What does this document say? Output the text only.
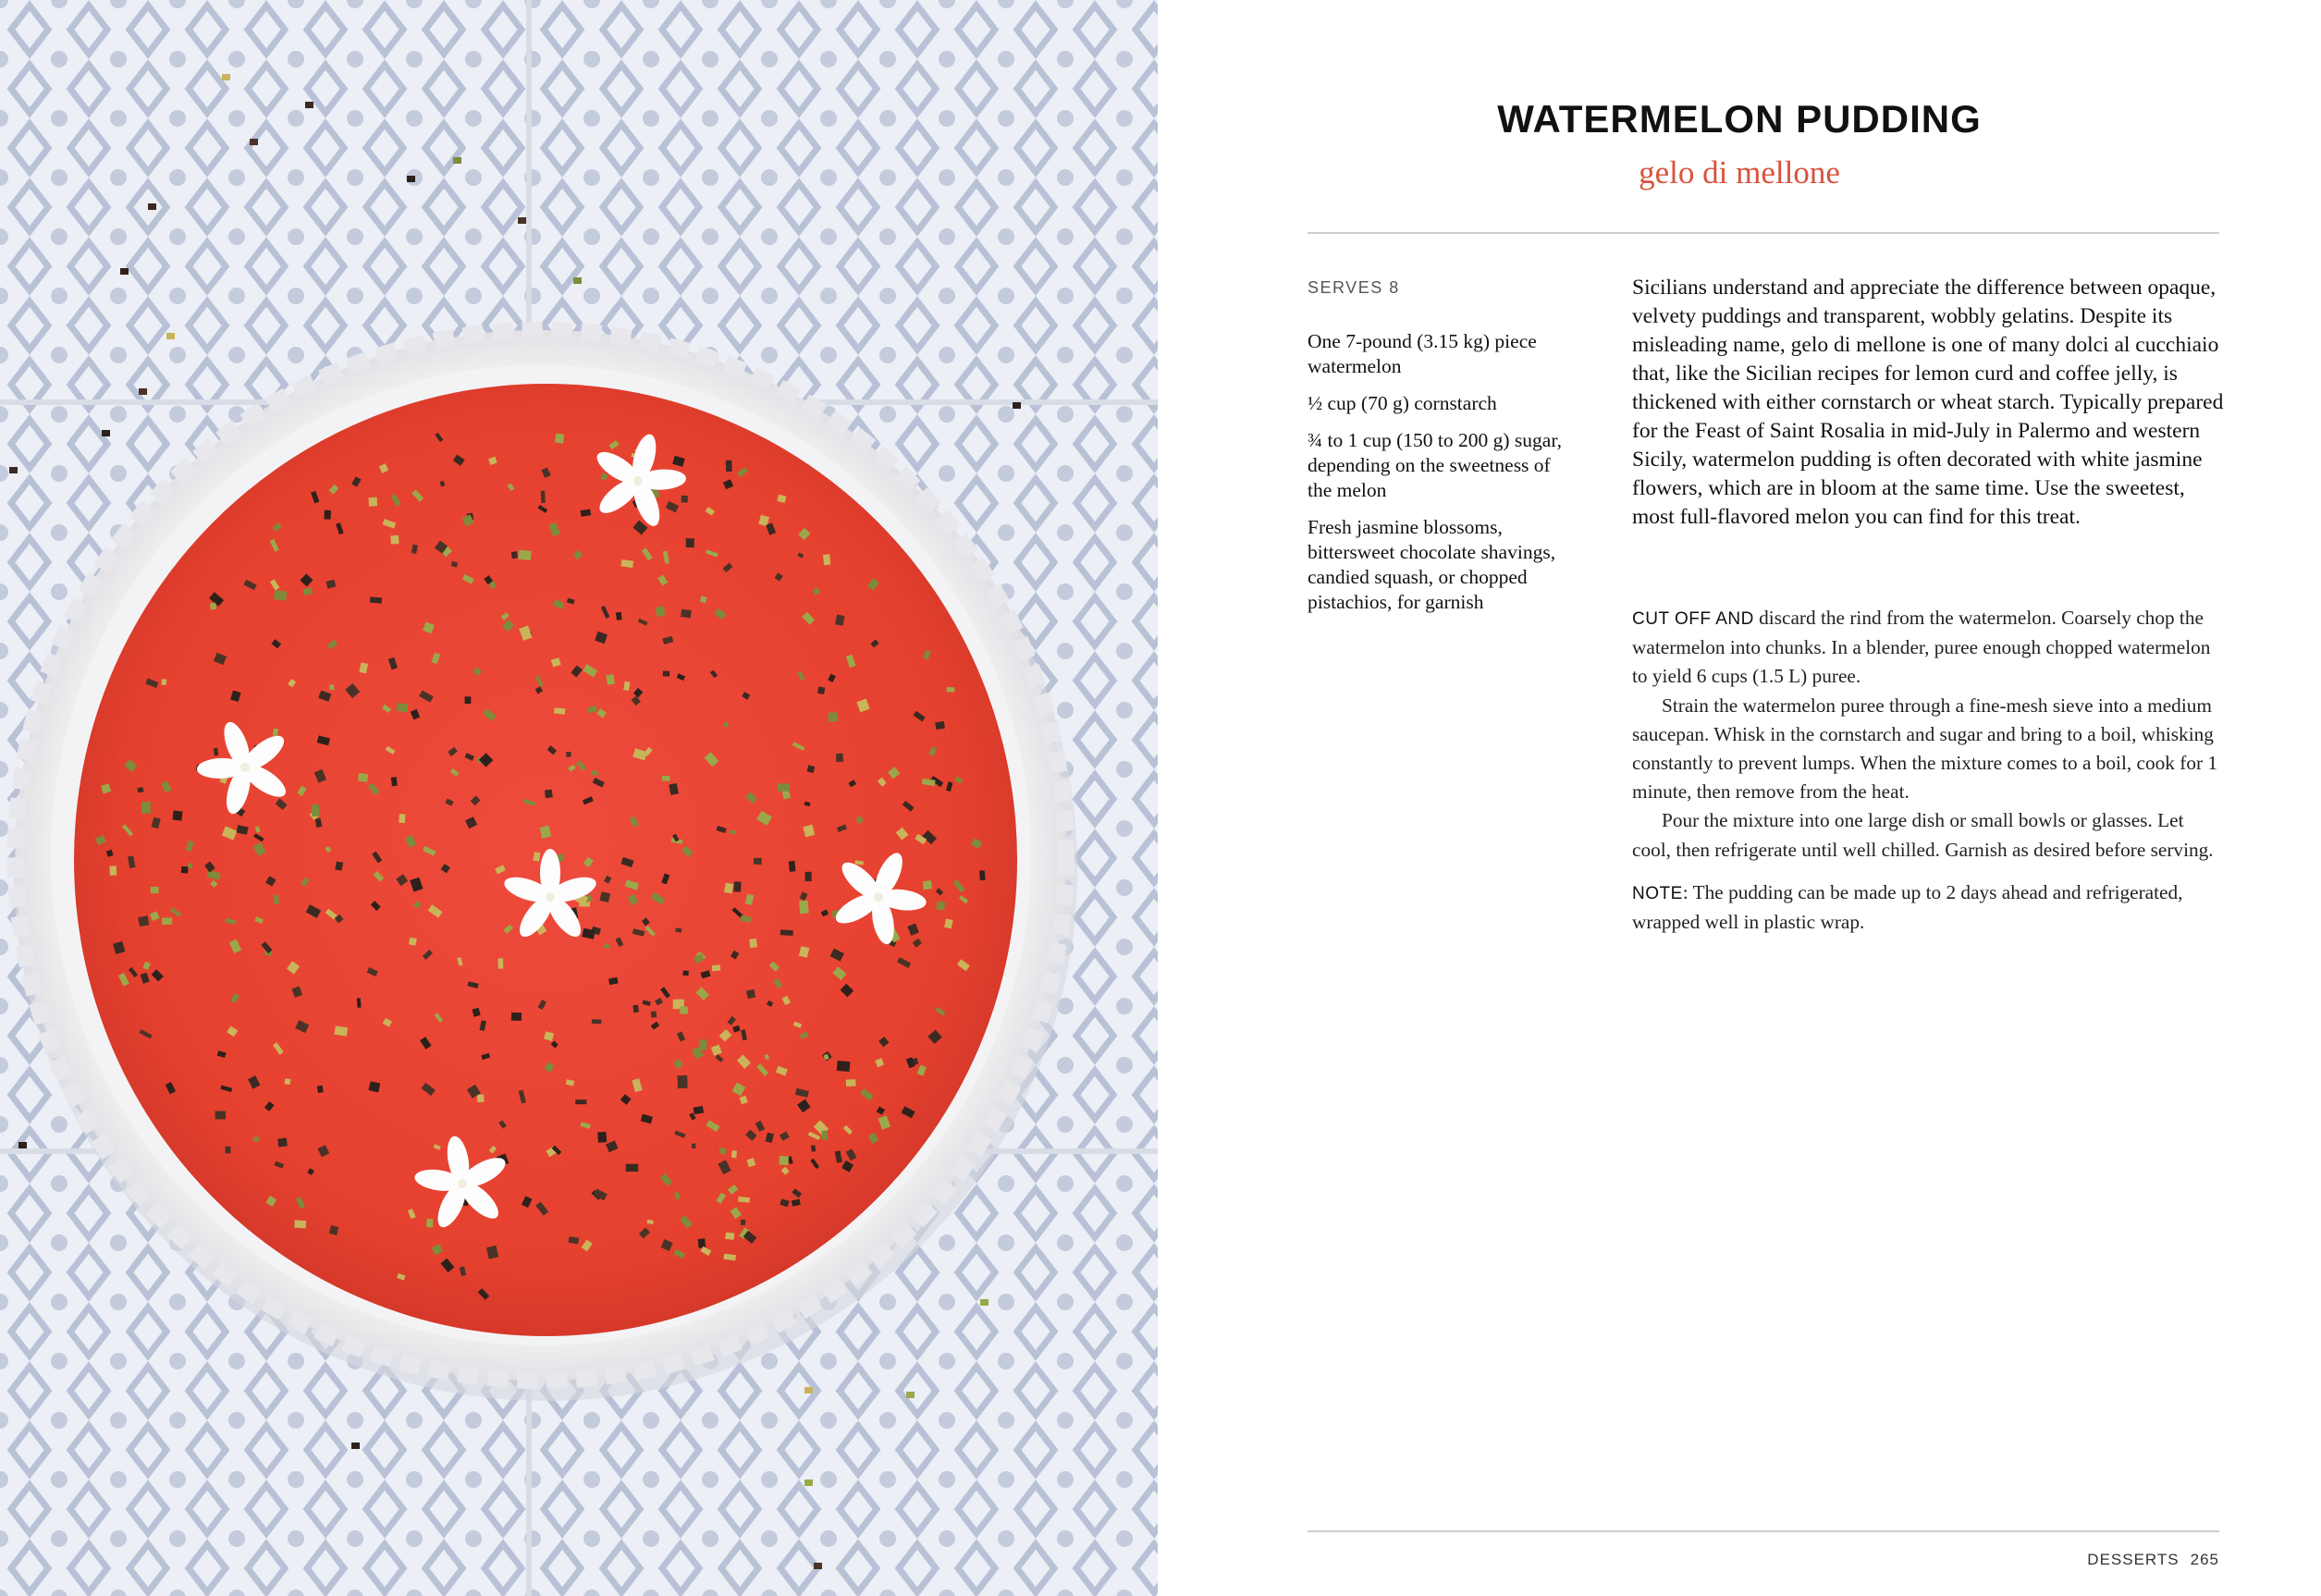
WATERMELON PUDDING
gelo di mellone
SERVES 8
One 7-pound (3.15 kg) piece watermelon
½ cup (70 g) cornstarch
¾ to 1 cup (150 to 200 g) sugar, depending on the sweetness of the melon
Fresh jasmine blossoms, bittersweet chocolate shavings, candied squash, or chopped pistachios, for garnish

Sicilians understand and appreciate the difference between opaque, velvety puddings and transparent, wobbly gelatins. Despite its misleading name, gelo di mellone is one of many dolci al cucchiaio that, like the Sicilian recipes for lemon curd and coffee jelly, is thickened with either cornstarch or wheat starch. Typically prepared for the Feast of Saint Rosalia in mid-July in Palermo and western Sicily, watermelon pudding is often decorated with white jasmine flowers, which are in bloom at the same time. Use the sweetest, most full-flavored melon you can find for this treat.

CUT OFF AND discard the rind from the watermelon. Coarsely chop the watermelon into chunks. In a blender, puree enough chopped watermelon to yield 6 cups (1.5 L) puree.

Strain the watermelon puree through a fine-mesh sieve into a medium saucepan. Whisk in the cornstarch and sugar and bring to a boil, whisking constantly to prevent lumps. When the mixture comes to a boil, cook for 1 minute, then remove from the heat.

Pour the mixture into one large dish or small bowls or glasses. Let cool, then refrigerate until well chilled. Garnish as desired before serving.

NOTE: The pudding can be made up to 2 days ahead and refrigerated, wrapped well in plastic wrap.

DESSERTS 265
